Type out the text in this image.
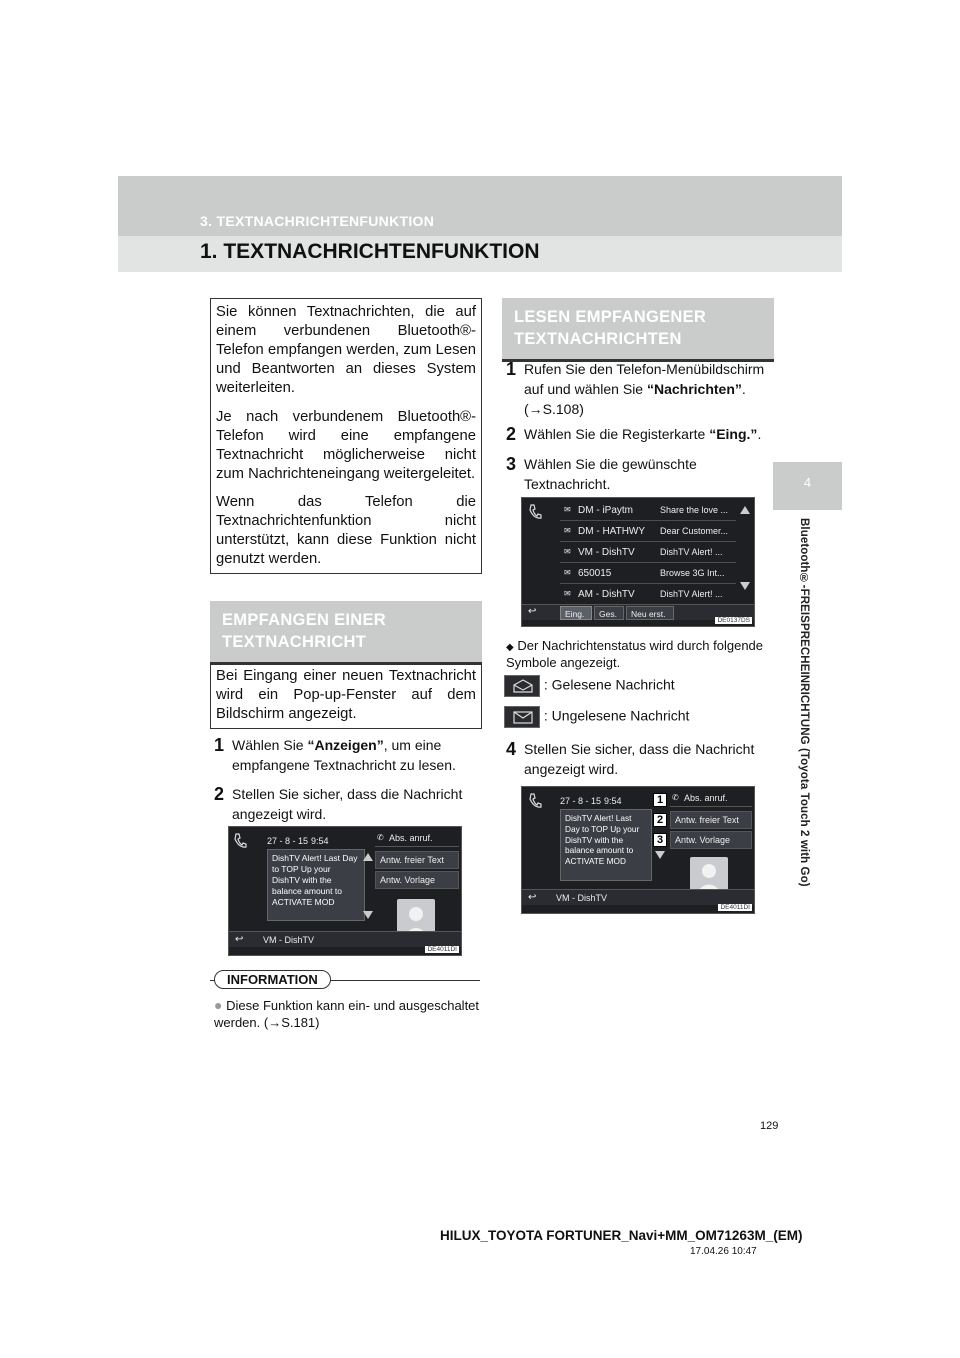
3. TEXTNACHRICHTENFUNKTION
1. TEXTNACHRICHTENFUNKTION
4
Bluetooth®-FREISPRECHEINRICHTUNG (Toyota Touch 2 with Go)

Sie können Textnachrichten, die auf einem verbundenen Bluetooth®-Telefon empfangen werden, zum Lesen und Beantworten an dieses System weiterleiten.

Je nach verbundenem Bluetooth®-Telefon wird eine empfangene Textnachricht möglicherweise nicht zum Nachrichteneingang weitergeleitet.

Wenn das Telefon die Textnachrichtenfunktion nicht unterstützt, kann diese Funktion nicht genutzt werden.

EMPFANGEN EINER TEXTNACHRICHT
Bei Eingang einer neuen Textnachricht wird ein Pop-up-Fenster auf dem Bildschirm angezeigt.
1 Wählen Sie “Anzeigen”, um eine empfangene Textnachricht zu lesen.
2 Stellen Sie sicher, dass die Nachricht angezeigt wird.
27 - 8 - 15 9:54
DishTV Alert! Last Day to TOP Up your DishTV with the balance amount to ACTIVATE MOD
✆ Abs. anruf.
Antw. freier Text
Antw. Vorlage
↩ VM - DishTV
DE4011DI
INFORMATION
● Diese Funktion kann ein- und ausgeschaltet werden. (→S.181)
LESEN EMPFANGENER TEXTNACHRICHTEN
1 Rufen Sie den Telefon-Menübildschirm auf und wählen Sie “Nachrichten”. (→S.108)
2 Wählen Sie die Registerkarte “Eing.”.
3 Wählen Sie die gewünschte Textnachricht.
✉ DM - iPaytm	Share the love ...
✉ DM - HATHWY Dear Customer...
✉ VM - DishTV	DishTV Alert! ...
✉ 650015	Browse 3G Int...
✉ AM - DishTV	DishTV Alert! ...
↩	Eing. Ges. Neu erst.
DE0137DS
◆ Der Nachrichtenstatus wird durch folgende Symbole angezeigt.
: Gelesene Nachricht
: Ungelesene Nachricht
4 Stellen Sie sicher, dass die Nachricht angezeigt wird.
27 - 8 - 15 9:54
DishTV Alert! Last Day to TOP Up your DishTV with the balance amount to ACTIVATE MOD
1
2
3
✆ Abs. anruf.
Antw. freier Text
Antw. Vorlage
↩ VM - DishTV
DE4011DI
129
HILUX_TOYOTA FORTUNER_Navi+MM_OM71263M_(EM)
17.04.26 10:47
